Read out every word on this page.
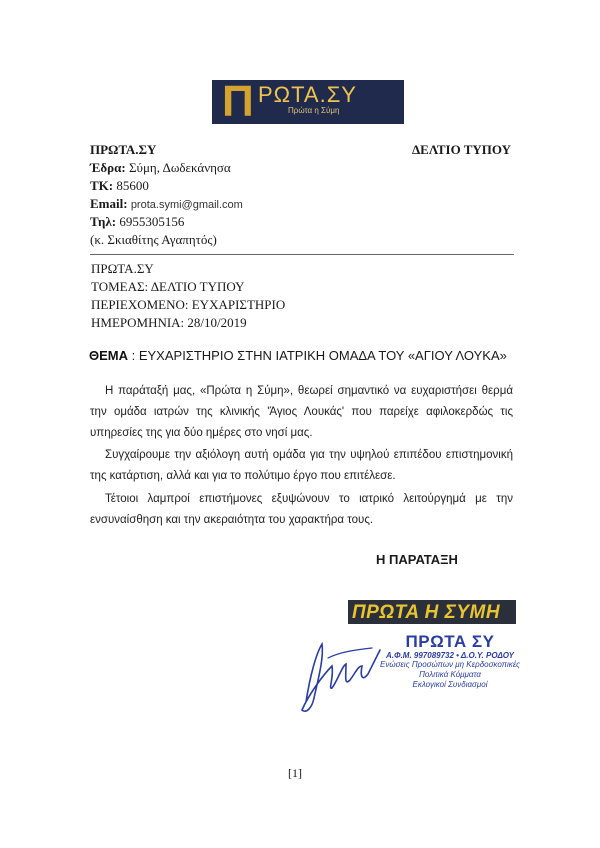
Π ΡΩΤΑ.ΣΥ
Πρώτα η Σύμη
ΠΡΩΤΑ.ΣΥ	ΔΕΛΤΙΟ ΤΥΠΟΥ
Έδρα: Σύμη, Δωδεκάνησα
ΤΚ: 85600
Email: prota.symi@gmail.com
Τηλ: 6955305156
(κ. Σκιαθίτης Αγαπητός)
ΠΡΩΤΑ.ΣΥ
ΤΟΜΕΑΣ: ΔΕΛΤΙΟ ΤΥΠΟΥ
ΠΕΡΙΕΧΟΜΕΝΟ: ΕΥΧΑΡΙΣΤΗΡΙΟ
ΗΜΕΡΟΜΗΝΙΑ: 28/10/2019
ΘΕΜΑ : ΕΥΧΑΡΙΣΤΗΡΙΟ ΣΤΗΝ ΙΑΤΡΙΚΗ ΟΜΑΔΑ ΤΟΥ «ΑΓΙΟΥ ΛΟΥΚΑ»
Η παράταξή μας, «Πρώτα η Σύμη», θεωρεί σημαντικό να ευχαριστήσει θερμά την ομάδα ιατρών της κλινικής 'Άγιος Λουκάς' που παρείχε αφιλοκερδώς τις υπηρεσίες της για δύο ημέρες στο νησί μας.
Συγχαίρουμε την αξιόλογη αυτή ομάδα για την υψηλού επιπέδου επιστημονική της κατάρτιση, αλλά και για το πολύτιμο έργο που επιτέλεσε.
Τέτοιοι λαμπροί επιστήμονες εξυψώνουν το ιατρικό λειτούργημά με την ενσυναίσθηση και την ακεραιότητα του χαρακτήρα τους.
Η ΠΑΡΑΤΑΞΗ
ΠΡΩΤΑ Η ΣΥΜΗ
ΠΡΩΤΑ ΣΥ
Α.Φ.Μ. 997089732 • Δ.Ο.Υ. ΡΟΔΟΥ
Ενώσεις Προσώπων μη Κερδοσκοπικές
Πολιτικά Κόμματα
Εκλογικοί Συνδιασμοί
[1]
